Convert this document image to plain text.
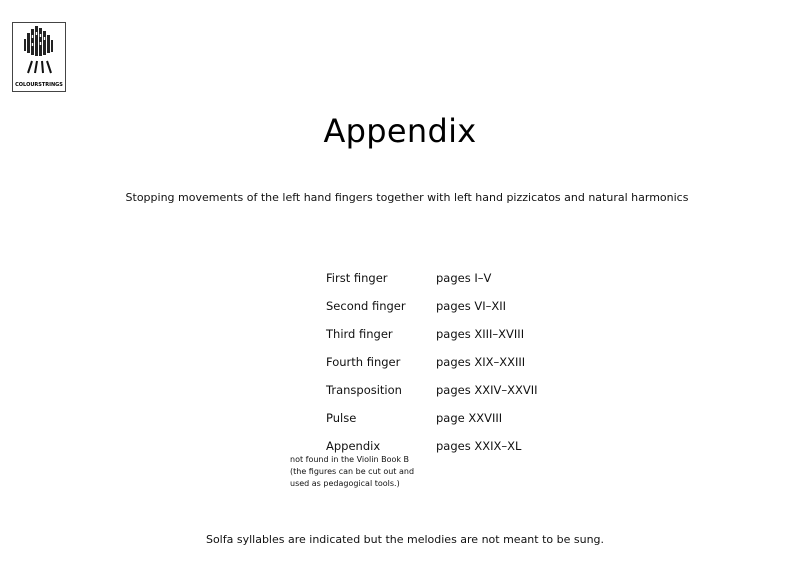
COLOURSTRINGS
Appendix
Stopping movements of the left hand fingers together with left hand pizzicatos and natural harmonics
First finger	pages I–V
Second finger	pages VI–XII
Third finger	pages XIII–XVIII
Fourth finger	pages XIX–XXIII
Transposition	pages XXIV–XXVII
Pulse	page XXVIII
Appendix	pages XXIX–XL
not found in the Violin Book B
(the figures can be cut out and
used as pedagogical tools.)
Solfa syllables are indicated but the melodies are not meant to be sung.
